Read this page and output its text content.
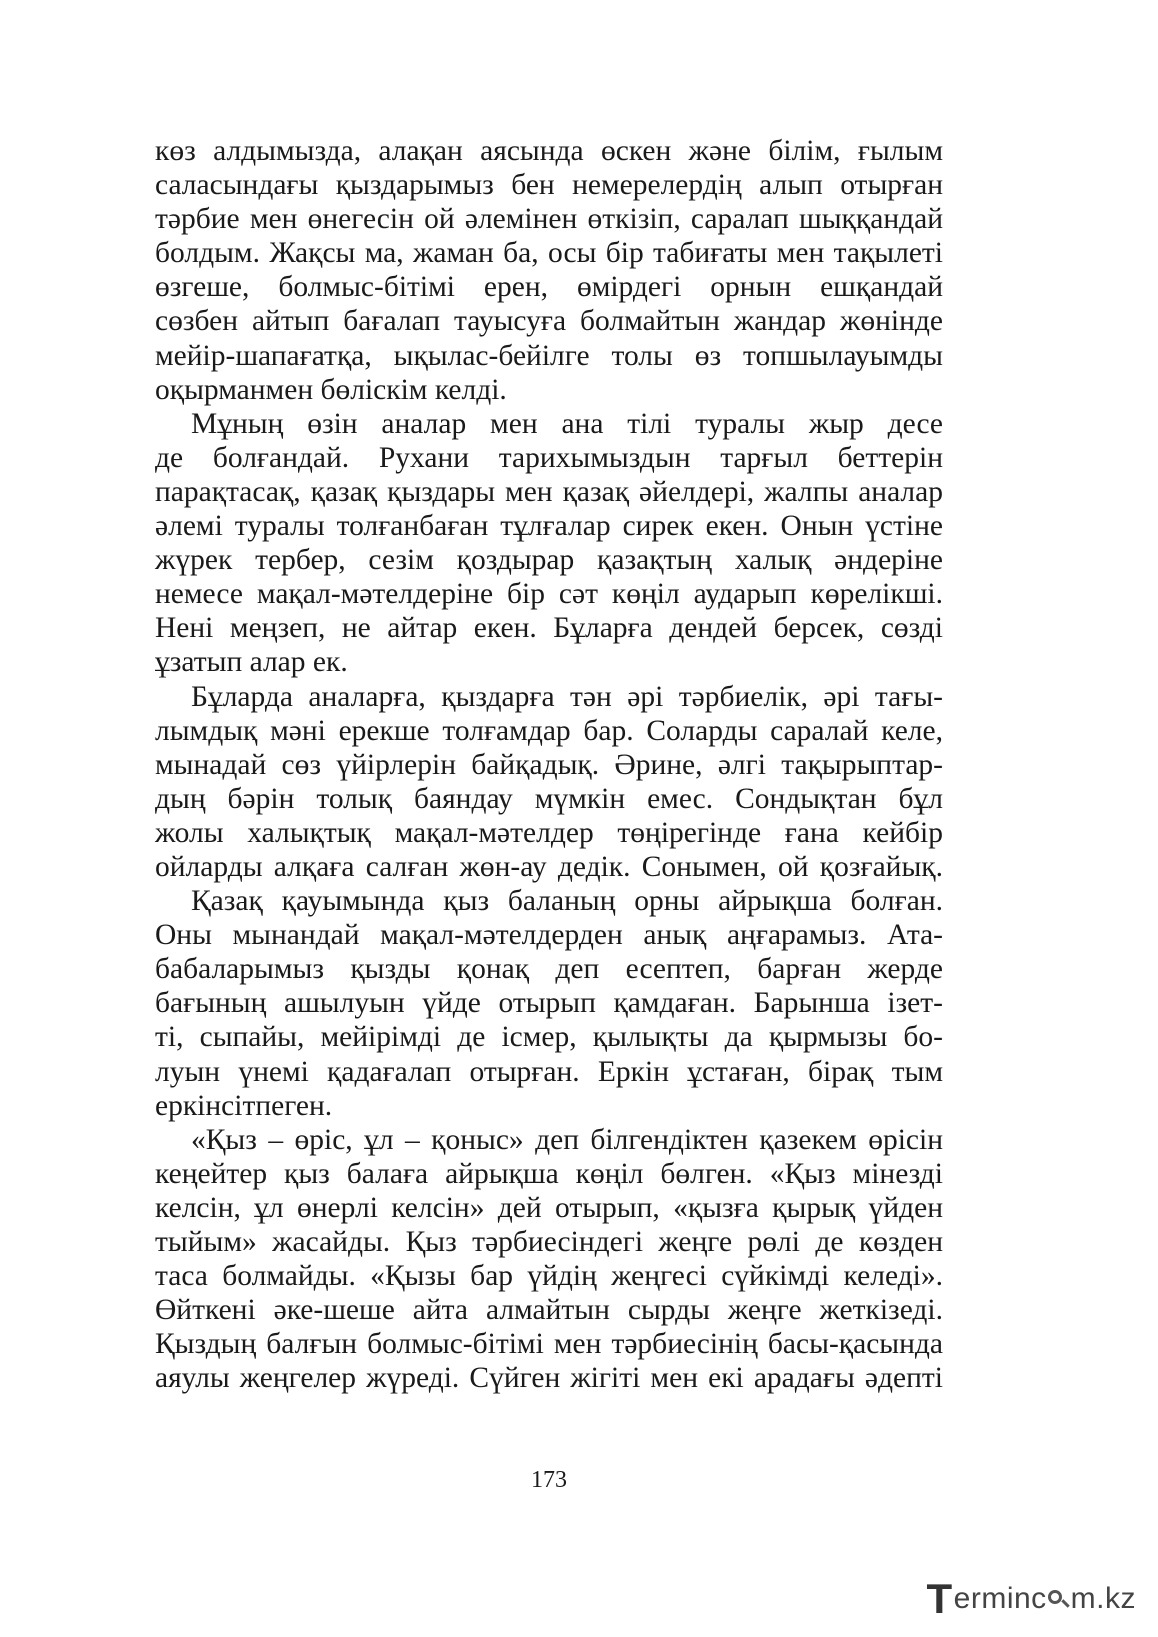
көз алдымызда, алақан аясында өскен және білім, ғылым
саласындағы қыздарымыз бен немерелердің алып отырған
тәрбие мен өнегесін ой әлемінен өткізіп, саралап шыққандай
болдым. Жақсы ма, жаман ба, осы бір табиғаты мен тақылеті
өзгеше, болмыс-бітімі ерен, өмірдегі орнын ешқандай
сөзбен айтып бағалап тауысуға болмайтын жандар жөнінде
мейір-шапағатқа, ықылас-бейілге толы өз топшылауымды
оқырманмен бөлiскім келді.
Мұның өзін аналар мен ана тілі туралы жыр десе
де болғандай. Рухани тарихымыздын тарғыл беттерін
парақтасақ, қазақ қыздары мен қазақ әйелдері, жалпы аналар
әлемі туралы толғанбаған тұлғалар сирек екен. Онын үстіне
жүрек тербер, сезім қоздырар қазақтың халық әндеріне
немесе мақал-мәтелдеріне бір сәт көңіл аударып көрелікші.
Нені меңзеп, не айтар екен. Бұларға дендей берсек, сөзді
ұзатып алар ек.
Бұларда аналарға, қыздарға тән әрі тәрбиелік, әрі тағы-
лымдық мәні ерекше толғамдар бар. Соларды саралай келе,
мынадай сөз үйірлерін байқадық. Әрине, әлгі тақырыптар-
дың бәрін толық баяндау мүмкін емес. Сондықтан бұл
жолы халықтық мақал-мәтелдер төңірегінде ғана кейбір
ойларды алқаға салған жөн-ау дедік. Сонымен, ой қозғайық.
Қазақ қауымында қыз баланың орны айрықша болған.
Оны мынандай мақал-мәтелдерден анық аңғарамыз. Ата-
бабаларымыз қызды қонақ деп есептеп, барған жерде
бағының ашылуын үйде отырып қамдаған. Барынша ізет-
ті, сыпайы, мейірімді де ісмер, қылықты да қырмызы бо-
луын үнемі қадағалап отырған. Еркін ұстаған, бірақ тым
еркінсітпеген.
«Қыз – өріс, ұл – қоныс» деп білгендіктен қазекем өрісін
кеңейтер қыз балаға айрықша көңіл бөлген. «Қыз мінезді
келсін, ұл өнерлі келсін» дей отырып, «қызға қырық үйден
тыйым» жасайды. Қыз тәрбиесіндегі жеңге рөлі де көзден
таса болмайды. «Қызы бар үйдің жеңгесі сүйкімді келеді».
Өйткені әке-шеше айта алмайтын сырды жеңге жеткізеді.
Қыздың балғын болмыс-бітімі мен тәрбиесінің басы-қасында
аяулы жеңгелер жүреді. Сүйген жігіті мен екі арадағы әдепті
173
T erminc m.kz
